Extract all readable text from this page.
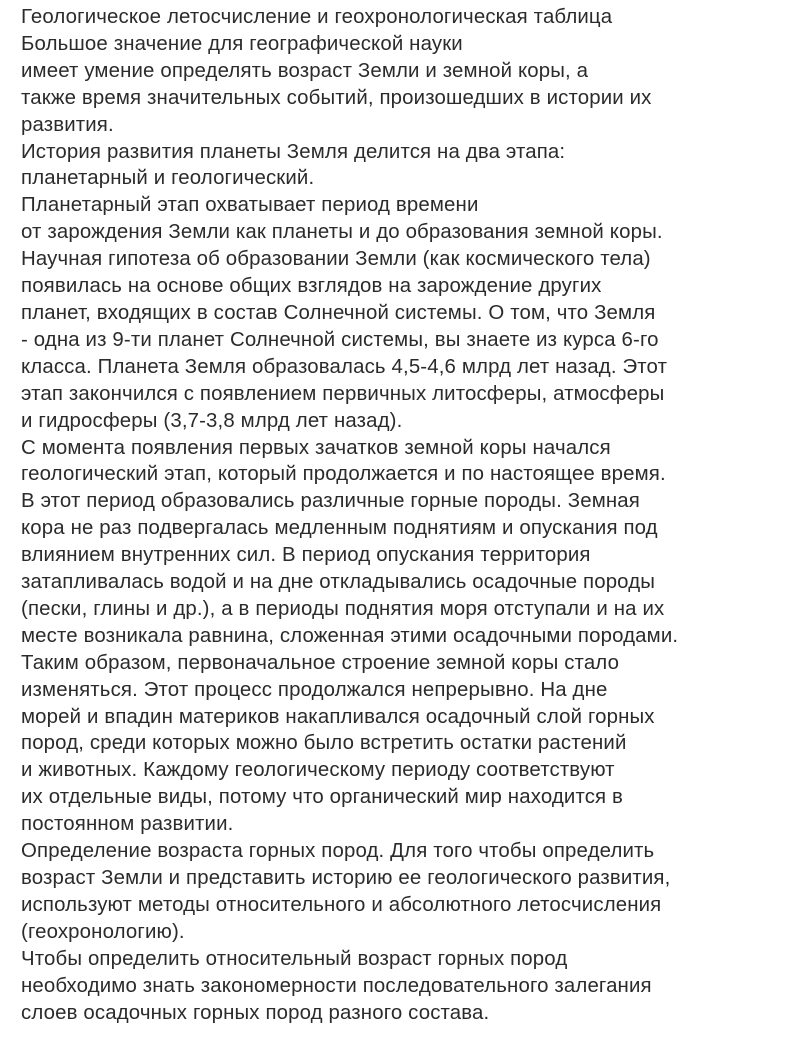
Геологическое летосчисление и геохронологическая таблица
Большое значение для географической науки
имеет умение определять возраст Земли и земной коры, а
также время значительных событий, произошедших в истории их
развития.
История развития планеты Земля делится на два этапа:
планетарный и геологический.
Планетарный этап охватывает период времени
от зарождения Земли как планеты и до образования земной коры.
Научная гипотеза об образовании Земли (как космического тела)
появилась на основе общих взглядов на зарождение других
планет, входящих в состав Солнечной системы. О том, что Земля
- одна из 9-ти планет Солнечной системы, вы знаете из курса 6-го
класса. Планета Земля образовалась 4,5-4,6 млрд лет назад. Этот
этап закончился с появлением первичных литосферы, атмосферы
и гидросферы (3,7-3,8 млрд лет назад).
С момента появления первых зачатков земной коры начался
геологический этап, который продолжается и по настоящее время.
В этот период образовались различные горные породы. Земная
кора не раз подвергалась медленным поднятиям и опускания под
влиянием внутренних сил. В период опускания территория
затапливалась водой и на дне откладывались осадочные породы
(пески, глины и др.), а в периоды поднятия моря отступали и на их
месте возникала равнина, сложенная этими осадочными породами.
Таким образом, первоначальное строение земной коры стало
изменяться. Этот процесс продолжался непрерывно. На дне
морей и впадин материков накапливался осадочный слой горных
пород, среди которых можно было встретить остатки растений
и животных. Каждому геологическому периоду соответствуют
их отдельные виды, потому что органический мир находится в
постоянном развитии.
Определение возраста горных пород. Для того чтобы определить
возраст Земли и представить историю ее геологического развития,
используют методы относительного и абсолютного летосчисления
(геохронологию).
Чтобы определить относительный возраст горных пород
необходимо знать закономерности последовательного залегания
слоев осадочных горных пород разного состава.
